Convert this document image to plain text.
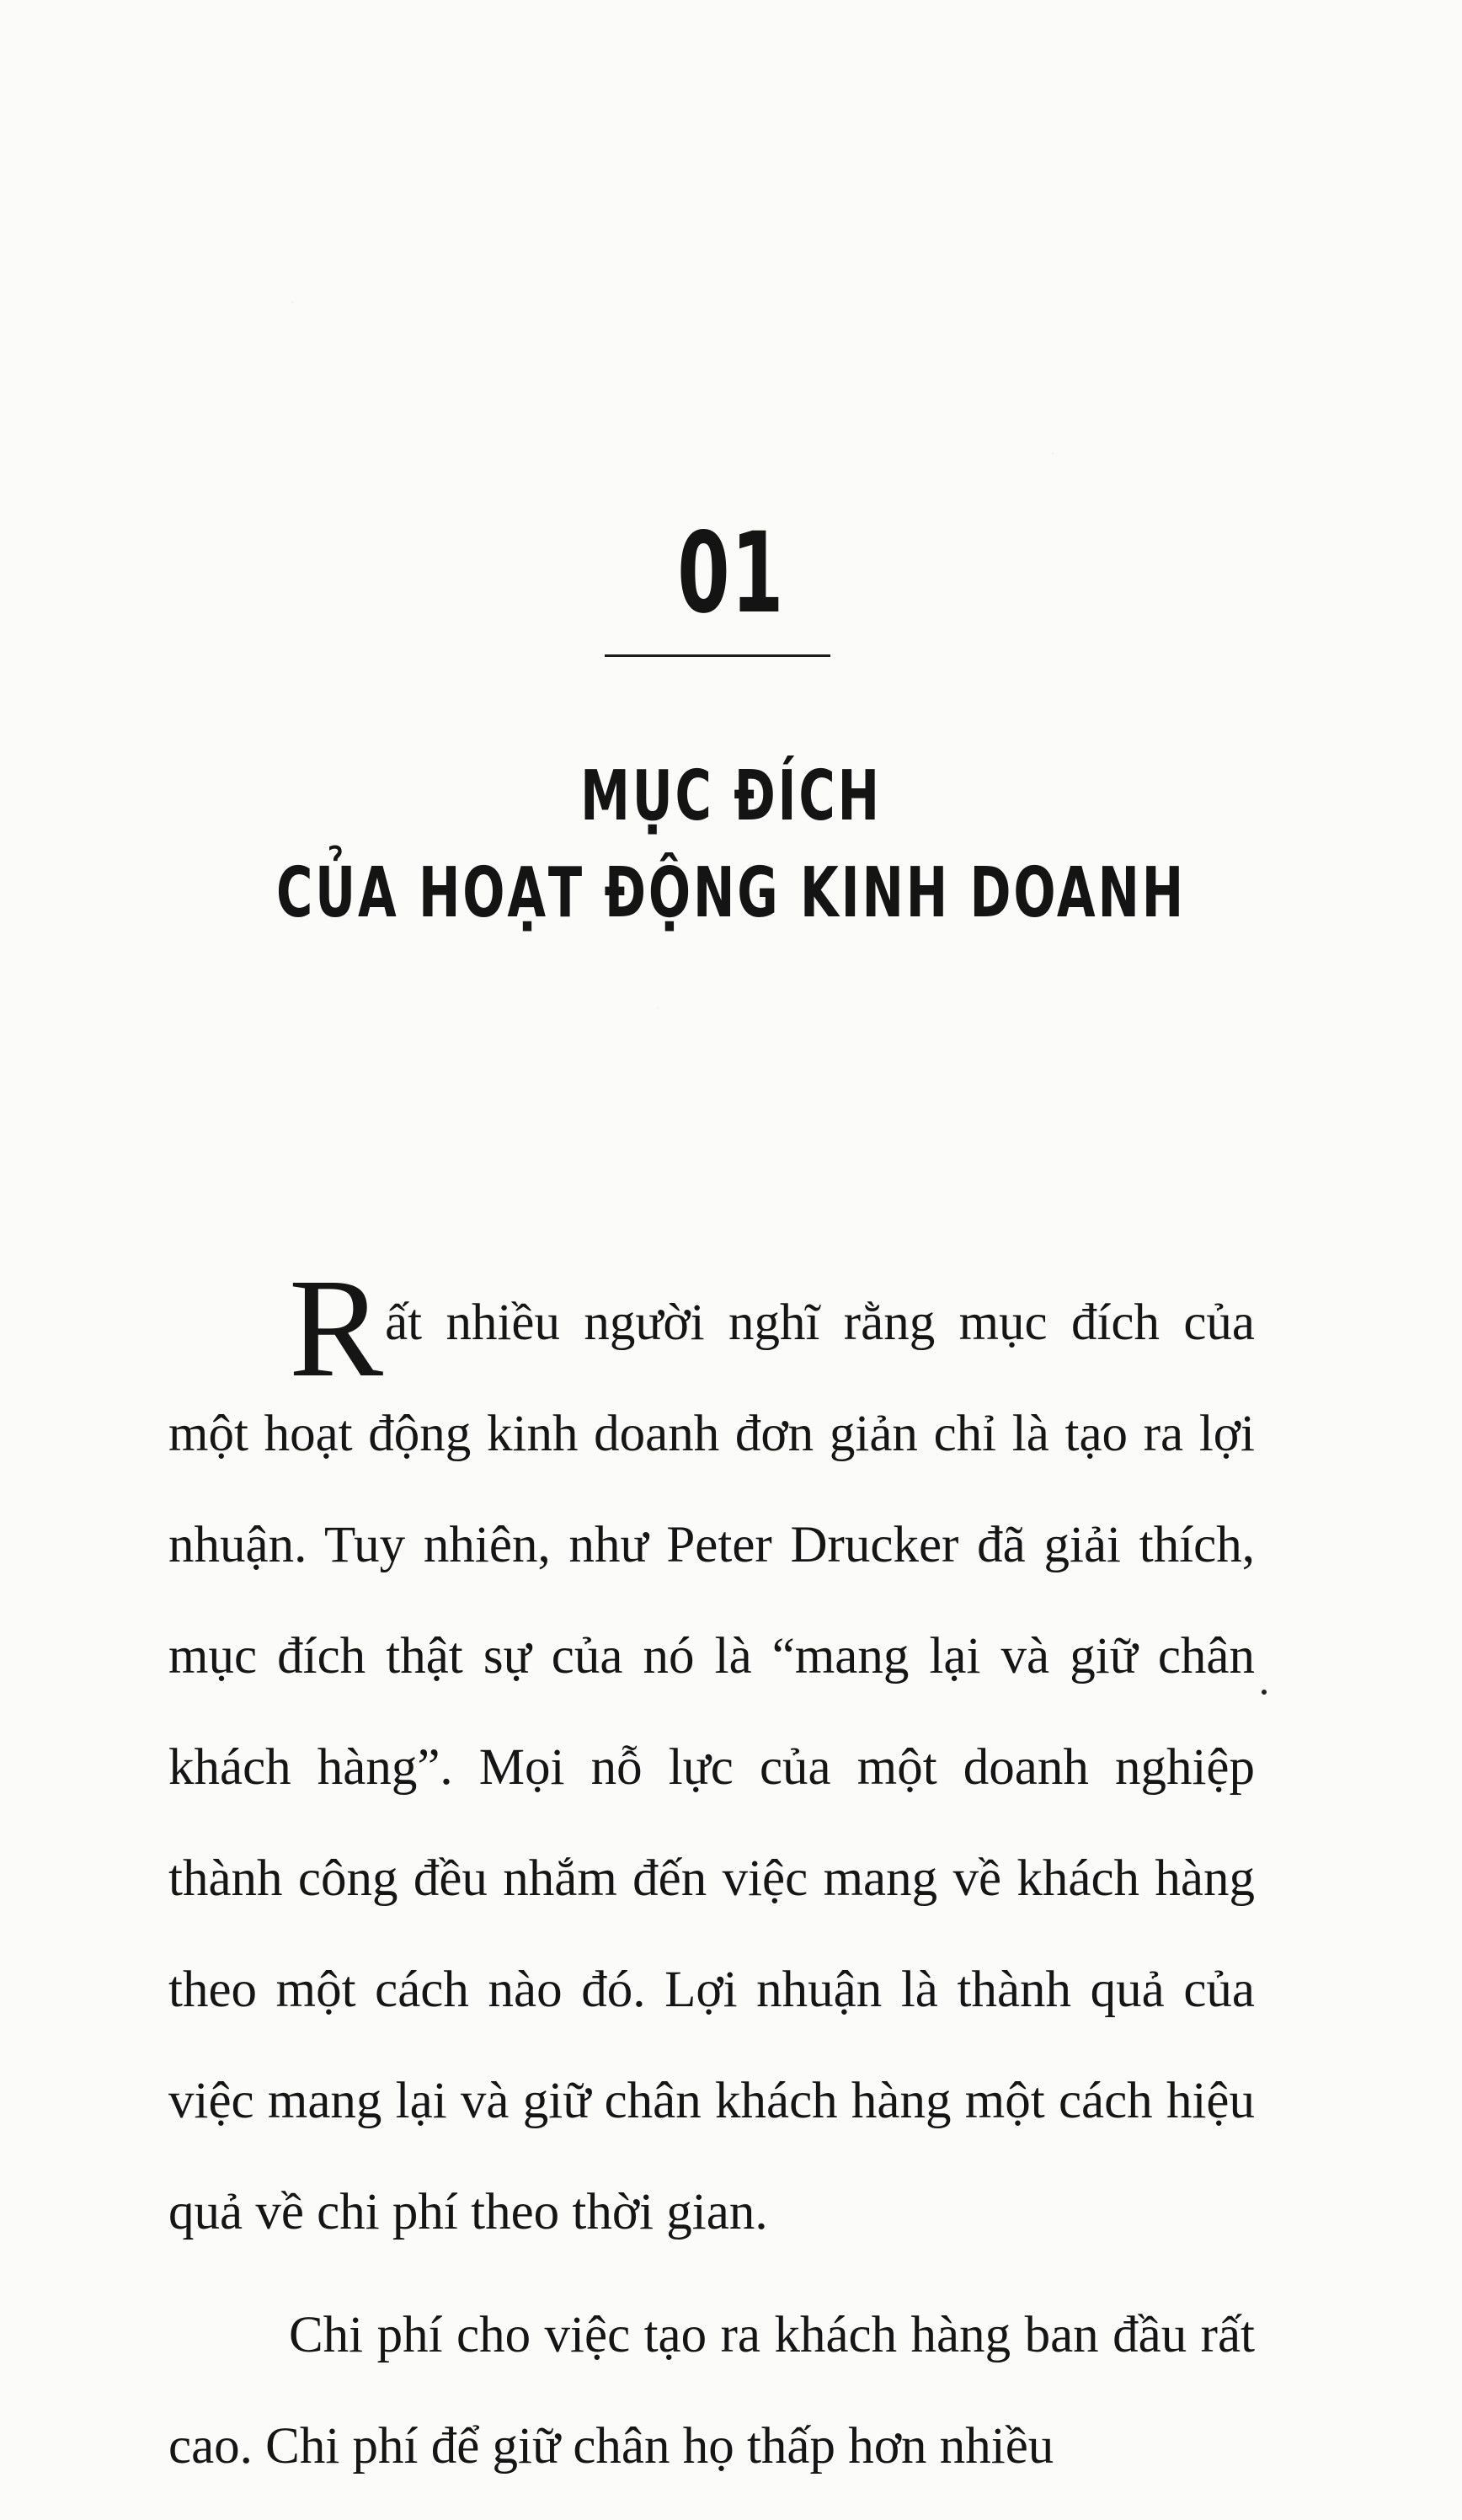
01
MỤC ĐÍCH
CỦA HOẠT ĐỘNG KINH DOANH

R ất nhiều người nghĩ rằng mục đích của một hoạt động kinh doanh đơn giản chỉ là tạo ra lợi nhuận. Tuy nhiên, như Peter Drucker đã giải thích, mục đích thật sự của nó là “mang lại và giữ chân khách hàng”. Mọi nỗ lực của một doanh nghiệp thành công đều nhắm đến việc mang về khách hàng theo một cách nào đó. Lợi nhuận là thành quả của việc mang lại và giữ chân khách hàng một cách hiệu quả về chi phí theo thời gian.

Chi phí cho việc tạo ra khách hàng ban đầu rất cao. Chi phí để giữ chân họ thấp hơn nhiều
